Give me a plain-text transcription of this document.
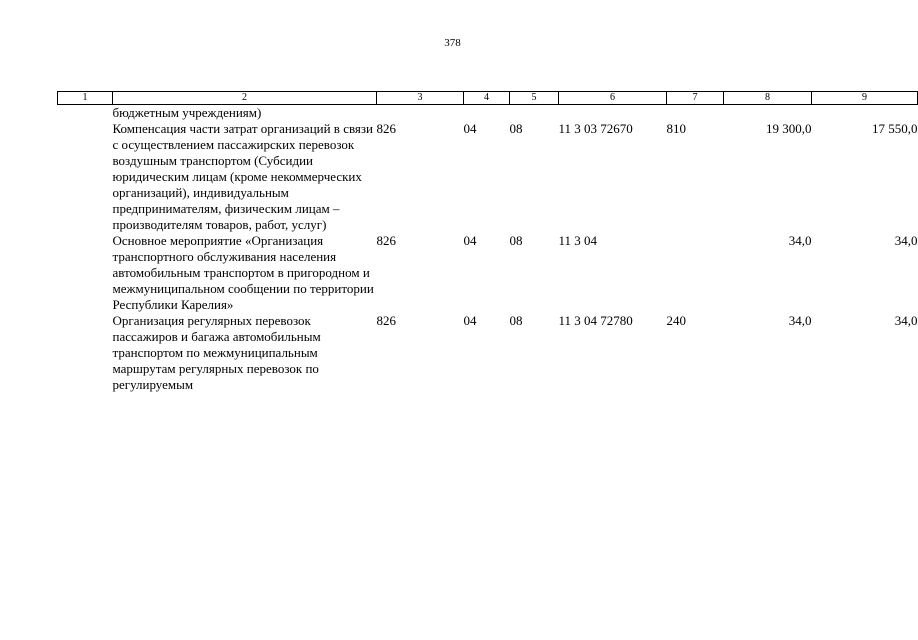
378
1	2	3	4	5	6	7	8	9
	бюджетным учреждениям)							
	Компенсация части затрат организаций в связи с осуществлением пассажирских перевозок воздушным транспортом (Субсидии юридическим лицам (кроме некоммерческих организаций), индивидуальным предпринимателям, физическим лицам – производителям товаров, работ, услуг)	826	04	08	11 3 03 72670	810	19 300,0	17 550,0
	Основное мероприятие «Организация транспортного обслуживания населения автомобильным транспортом в пригородном и межмуниципальном сообщении по территории Республики Карелия»	826	04	08	11 3 04		34,0	34,0
	Организация регулярных перевозок пассажиров и багажа автомобильным транспортом по межмуниципальным маршрутам регулярных перевозок по регулируемым	826	04	08	11 3 04 72780	240	34,0	34,0
